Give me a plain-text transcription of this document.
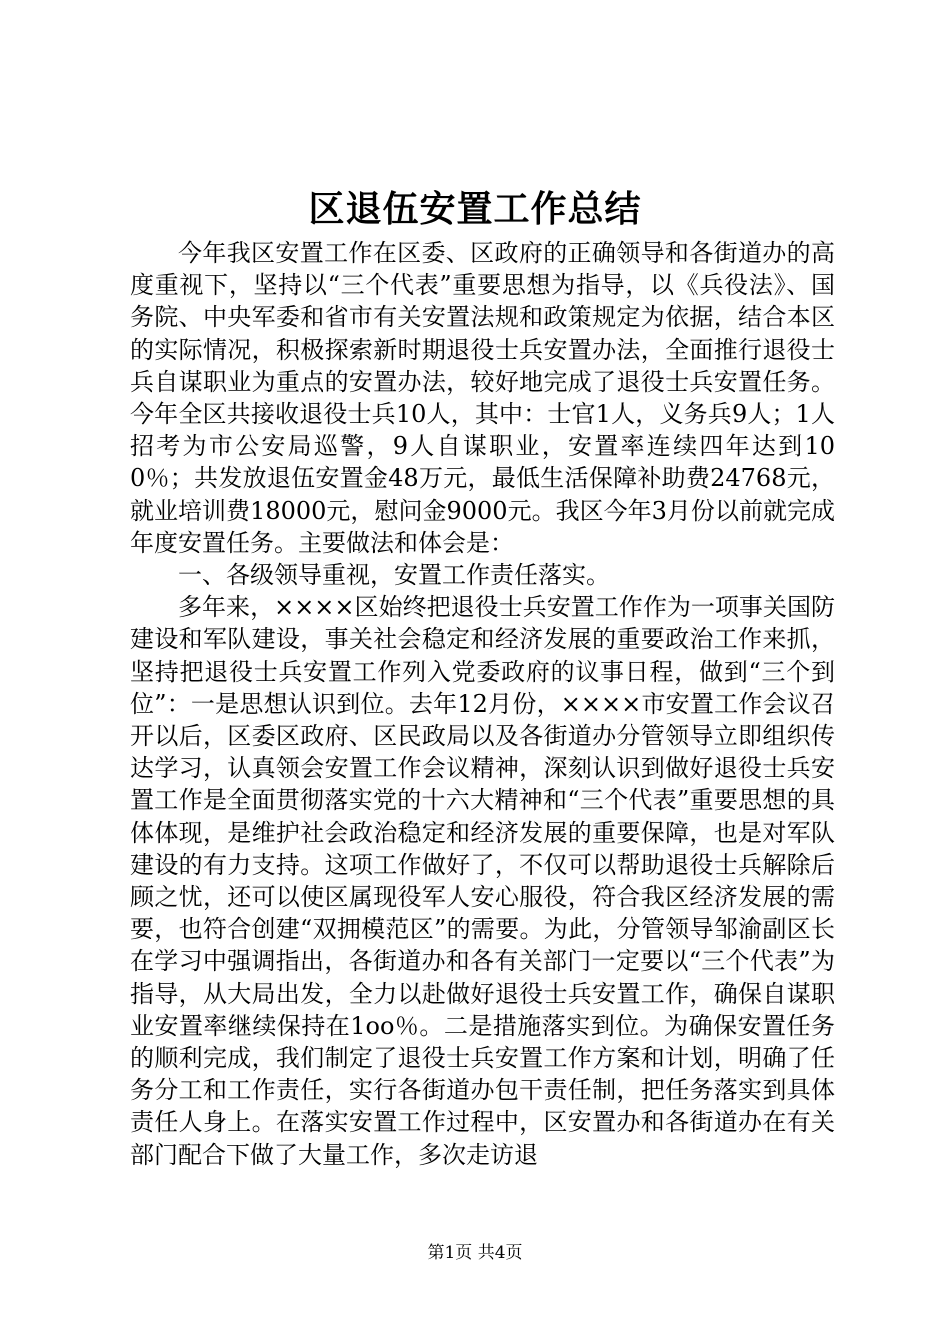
区退伍安置工作总结

今年我区安置工作在区委、区政府的正确领导和各街道办的高度重视下，坚持以“三个代表”重要思想为指导，以《兵役法》、国务院、中央军委和省市有关安置法规和政策规定为依据，结合本区的实际情况，积极探索新时期退役士兵安置办法，全面推行退役士兵自谋职业为重点的安置办法，较好地完成了退役士兵安置任务。今年全区共接收退役士兵10人，其中：士官1人，义务兵9人；1人招考为市公安局巡警，9人自谋职业，安置率连续四年达到100％；共发放退伍安置金48万元，最低生活保障补助费24768元，就业培训费18000元，慰问金9000元。我区今年3月份以前就完成年度安置任务。主要做法和体会是：

一、各级领导重视，安置工作责任落实。

多年来，××××区始终把退役士兵安置工作作为一项事关国防建设和军队建设，事关社会稳定和经济发展的重要政治工作来抓，坚持把退役士兵安置工作列入党委政府的议事日程，做到“三个到位”：一是思想认识到位。去年12月份，××××市安置工作会议召开以后，区委区政府、区民政局以及各街道办分管领导立即组织传达学习，认真领会安置工作会议精神，深刻认识到做好退役士兵安置工作是全面贯彻落实党的十六大精神和“三个代表”重要思想的具体体现，是维护社会政治稳定和经济发展的重要保障，也是对军队建设的有力支持。这项工作做好了，不仅可以帮助退役士兵解除后顾之忧，还可以使区属现役军人安心服役，符合我区经济发展的需要，也符合创建“双拥模范区”的需要。为此，分管领导邹渝副区长在学习中强调指出，各街道办和各有关部门一定要以“三个代表”为指导，从大局出发，全力以赴做好退役士兵安置工作，确保自谋职业安置率继续保持在1oo％。二是措施落实到位。为确保安置任务的顺利完成，我们制定了退役士兵安置工作方案和计划，明确了任务分工和工作责任，实行各街道办包干责任制，把任务落实到具体责任人身上。在落实安置工作过程中，区安置办和各街道办在有关部门配合下做了大量工作，多次走访退

第1页 共4页
